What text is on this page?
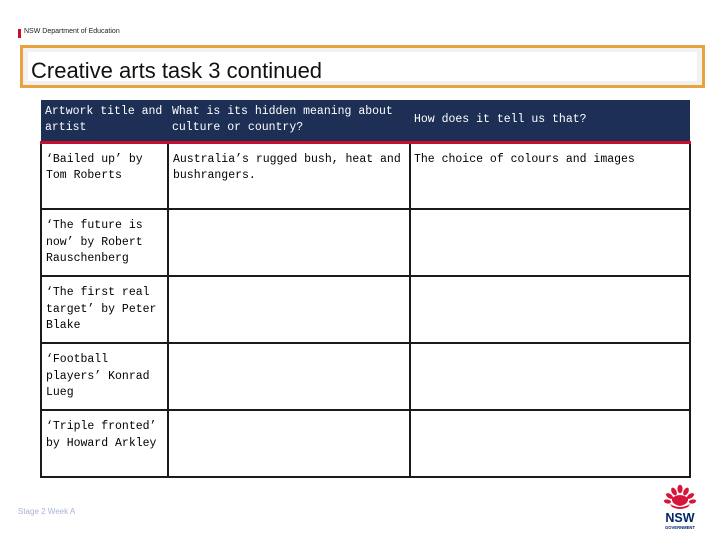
NSW Department of Education
Creative arts task 3 continued
Artwork title and artist	What is its hidden meaning about culture or country?	How does it tell us that?
‘Bailed up’ by Tom Roberts	Australia’s rugged bush, heat and bushrangers.	The choice of colours and images
‘The future is now’ by Robert Rauschenberg		
‘The first real target’ by Peter Blake		
‘Football players’ Konrad Lueg		
‘Triple fronted’ by Howard Arkley		
Stage 2 Week A	NSW
GOVERNMENT
